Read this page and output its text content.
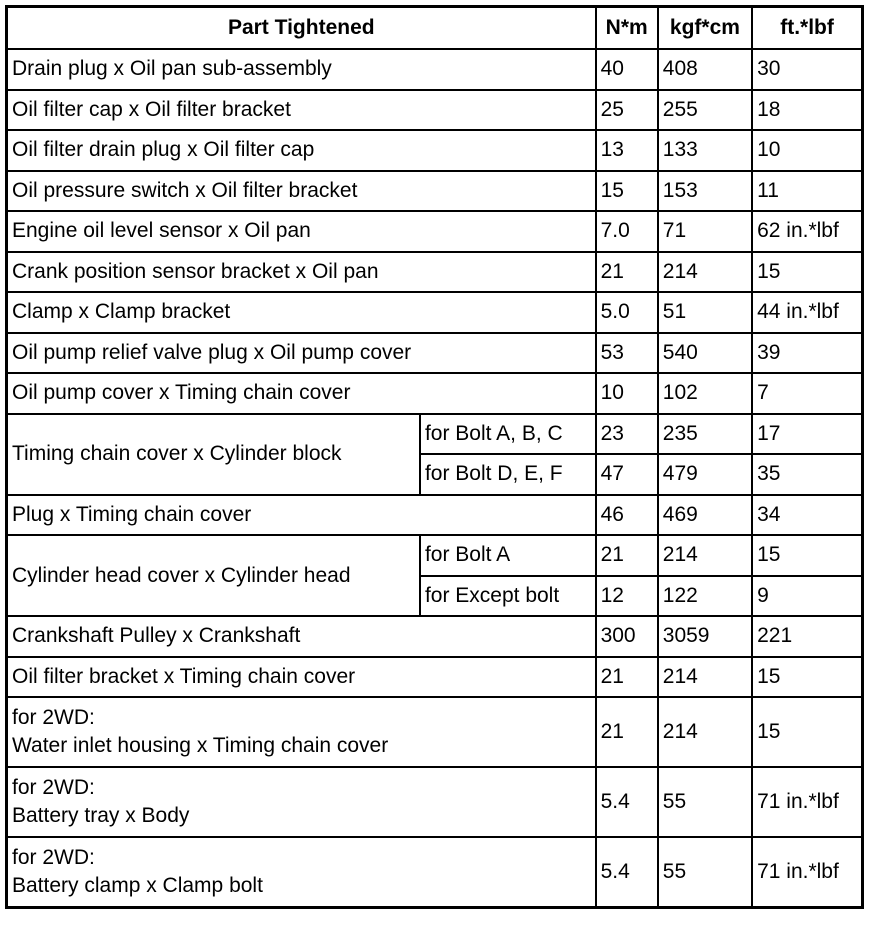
Part Tightened		N*m	kgf*cm	ft.*lbf
Drain plug x Oil pan sub-assembly		40	408	30
Oil filter cap x Oil filter bracket		25	255	18
Oil filter drain plug x Oil filter cap		13	133	10
Oil pressure switch x Oil filter bracket		15	153	11
Engine oil level sensor x Oil pan		7.0	71	62 in.*lbf
Crank position sensor bracket x Oil pan		21	214	15
Clamp x Clamp bracket		5.0	51	44 in.*lbf
Oil pump relief valve plug x Oil pump cover		53	540	39
Oil pump cover x Timing chain cover		10	102	7
Timing chain cover x Cylinder block	for Bolt A, B, C	23	235	17
	for Bolt D, E, F	47	479	35
Plug x Timing chain cover		46	469	34
Cylinder head cover x Cylinder head	for Bolt A	21	214	15
	for Except bolt	12	122	9
Crankshaft Pulley x Crankshaft		300	3059	221
Oil filter bracket x Timing chain cover		21	214	15

for 2WD:
Water inlet housing x Timing chain cover		21	214	15

for 2WD:
Battery tray x Body		5.4	55	71 in.*lbf

for 2WD:
Battery clamp x Clamp bolt		5.4	55	71 in.*lbf
